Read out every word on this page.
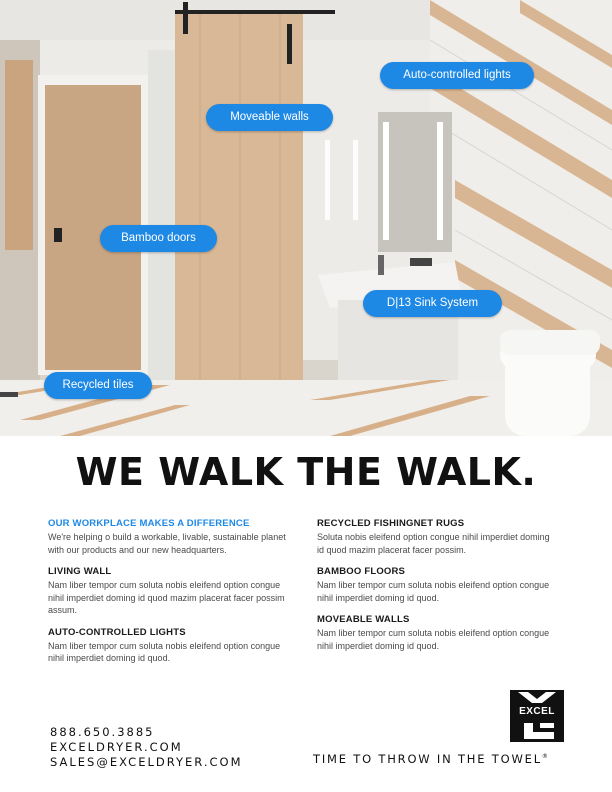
Auto-controlled lights
Moveable walls
Bamboo doors
D|13 Sink System
Recycled tiles
WE WALK THE WALK.

OUR WORKPLACE MAKES A DIFFERENCE

We're helping o build a workable, livable, sustainable planet with our products and our new headquarters.

LIVING WALL

Nam liber tempor cum soluta nobis eleifend option congue nihil imperdiet doming id quod mazim placerat facer possim assum.

AUTO-CONTROLLED LIGHTS

Nam liber tempor cum soluta nobis eleifend option congue nihil imperdiet doming id quod.

RECYCLED FISHINGNET RUGS

Soluta nobis eleifend option congue nihil imperdiet doming id quod mazim placerat facer possim.

BAMBOO FLOORS

Nam liber tempor cum soluta nobis eleifend option congue nihil imperdiet doming id quod.

MOVEABLE WALLS

Nam liber tempor cum soluta nobis eleifend option congue nihil imperdiet doming id quod.

888.650.3885
EXCELDRYER.COM
SALES@EXCELDRYER.COM
EXCEL
TIME TO THROW IN THE TOWEL®
